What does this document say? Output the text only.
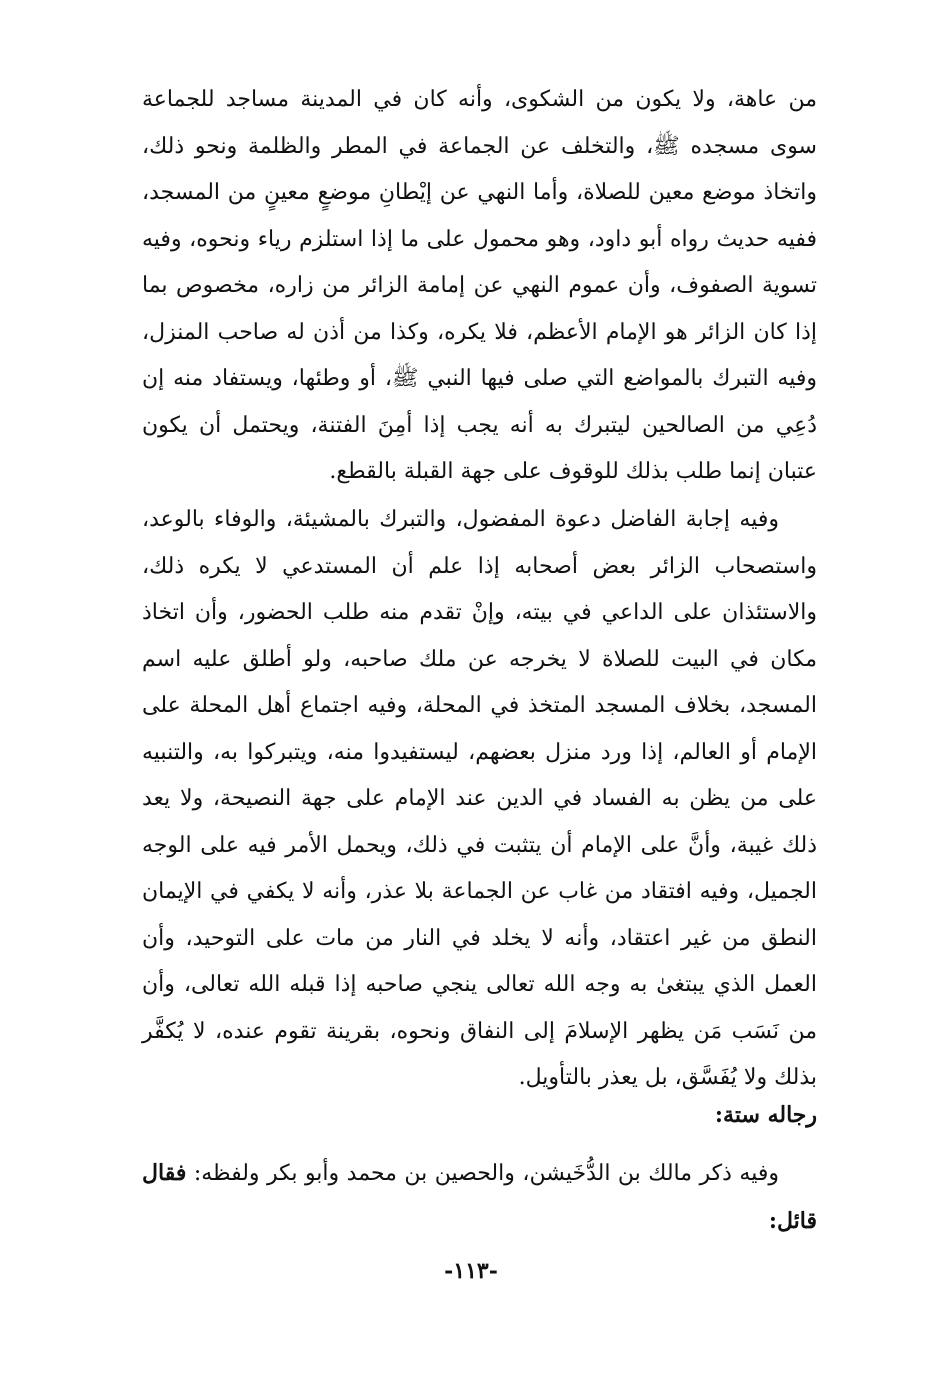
من عاهة، ولا يكون من الشكوى، وأنه كان في المدينة مساجد للجماعة سوى مسجده ﷺ، والتخلف عن الجماعة في المطر والظلمة ونحو ذلك، واتخاذ موضع معين للصلاة، وأما النهي عن إيْطانِ موضعٍ معينٍ من المسجد، ففيه حديث رواه أبو داود، وهو محمول على ما إذا استلزم رياء ونحوه، وفيه تسوية الصفوف، وأن عموم النهي عن إمامة الزائر من زاره، مخصوص بما إذا كان الزائر هو الإمام الأعظم، فلا يكره، وكذا من أذن له صاحب المنزل، وفيه التبرك بالمواضع التي صلى فيها النبي ﷺ، أو وطئها، ويستفاد منه إن دُعِي من الصالحين ليتبرك به أنه يجب إذا أمِنَ الفتنة، ويحتمل أن يكون عتبان إنما طلب بذلك للوقوف على جهة القبلة بالقطع.
وفيه إجابة الفاضل دعوة المفضول، والتبرك بالمشيئة، والوفاء بالوعد، واستصحاب الزائر بعض أصحابه إذا علم أن المستدعي لا يكره ذلك، والاستئذان على الداعي في بيته، وإنْ تقدم منه طلب الحضور، وأن اتخاذ مكان في البيت للصلاة لا يخرجه عن ملك صاحبه، ولو أطلق عليه اسم المسجد، بخلاف المسجد المتخذ في المحلة، وفيه اجتماع أهل المحلة على الإمام أو العالم، إذا ورد منزل بعضهم، ليستفيدوا منه، ويتبركوا به، والتنبيه على من يظن به الفساد في الدين عند الإمام على جهة النصيحة، ولا يعد ذلك غيبة، وأنَّ على الإمام أن يتثبت في ذلك، ويحمل الأمر فيه على الوجه الجميل، وفيه افتقاد من غاب عن الجماعة بلا عذر، وأنه لا يكفي في الإيمان النطق من غير اعتقاد، وأنه لا يخلد في النار من مات على التوحيد، وأن العمل الذي يبتغىٰ به وجه الله تعالى ينجي صاحبه إذا قبله الله تعالى، وأن من نَسَب مَن يظهر الإسلامَ إلى النفاق ونحوه، بقرينة تقوم عنده، لا يُكفَّر بذلك ولا يُفَسَّق، بل يعذر بالتأويل.
رجاله ستة:
وفيه ذكر مالك بن الدُّخَيشن، والحصين بن محمد وأبو بكر ولفظه: فقال قائل:
-١١٣-
